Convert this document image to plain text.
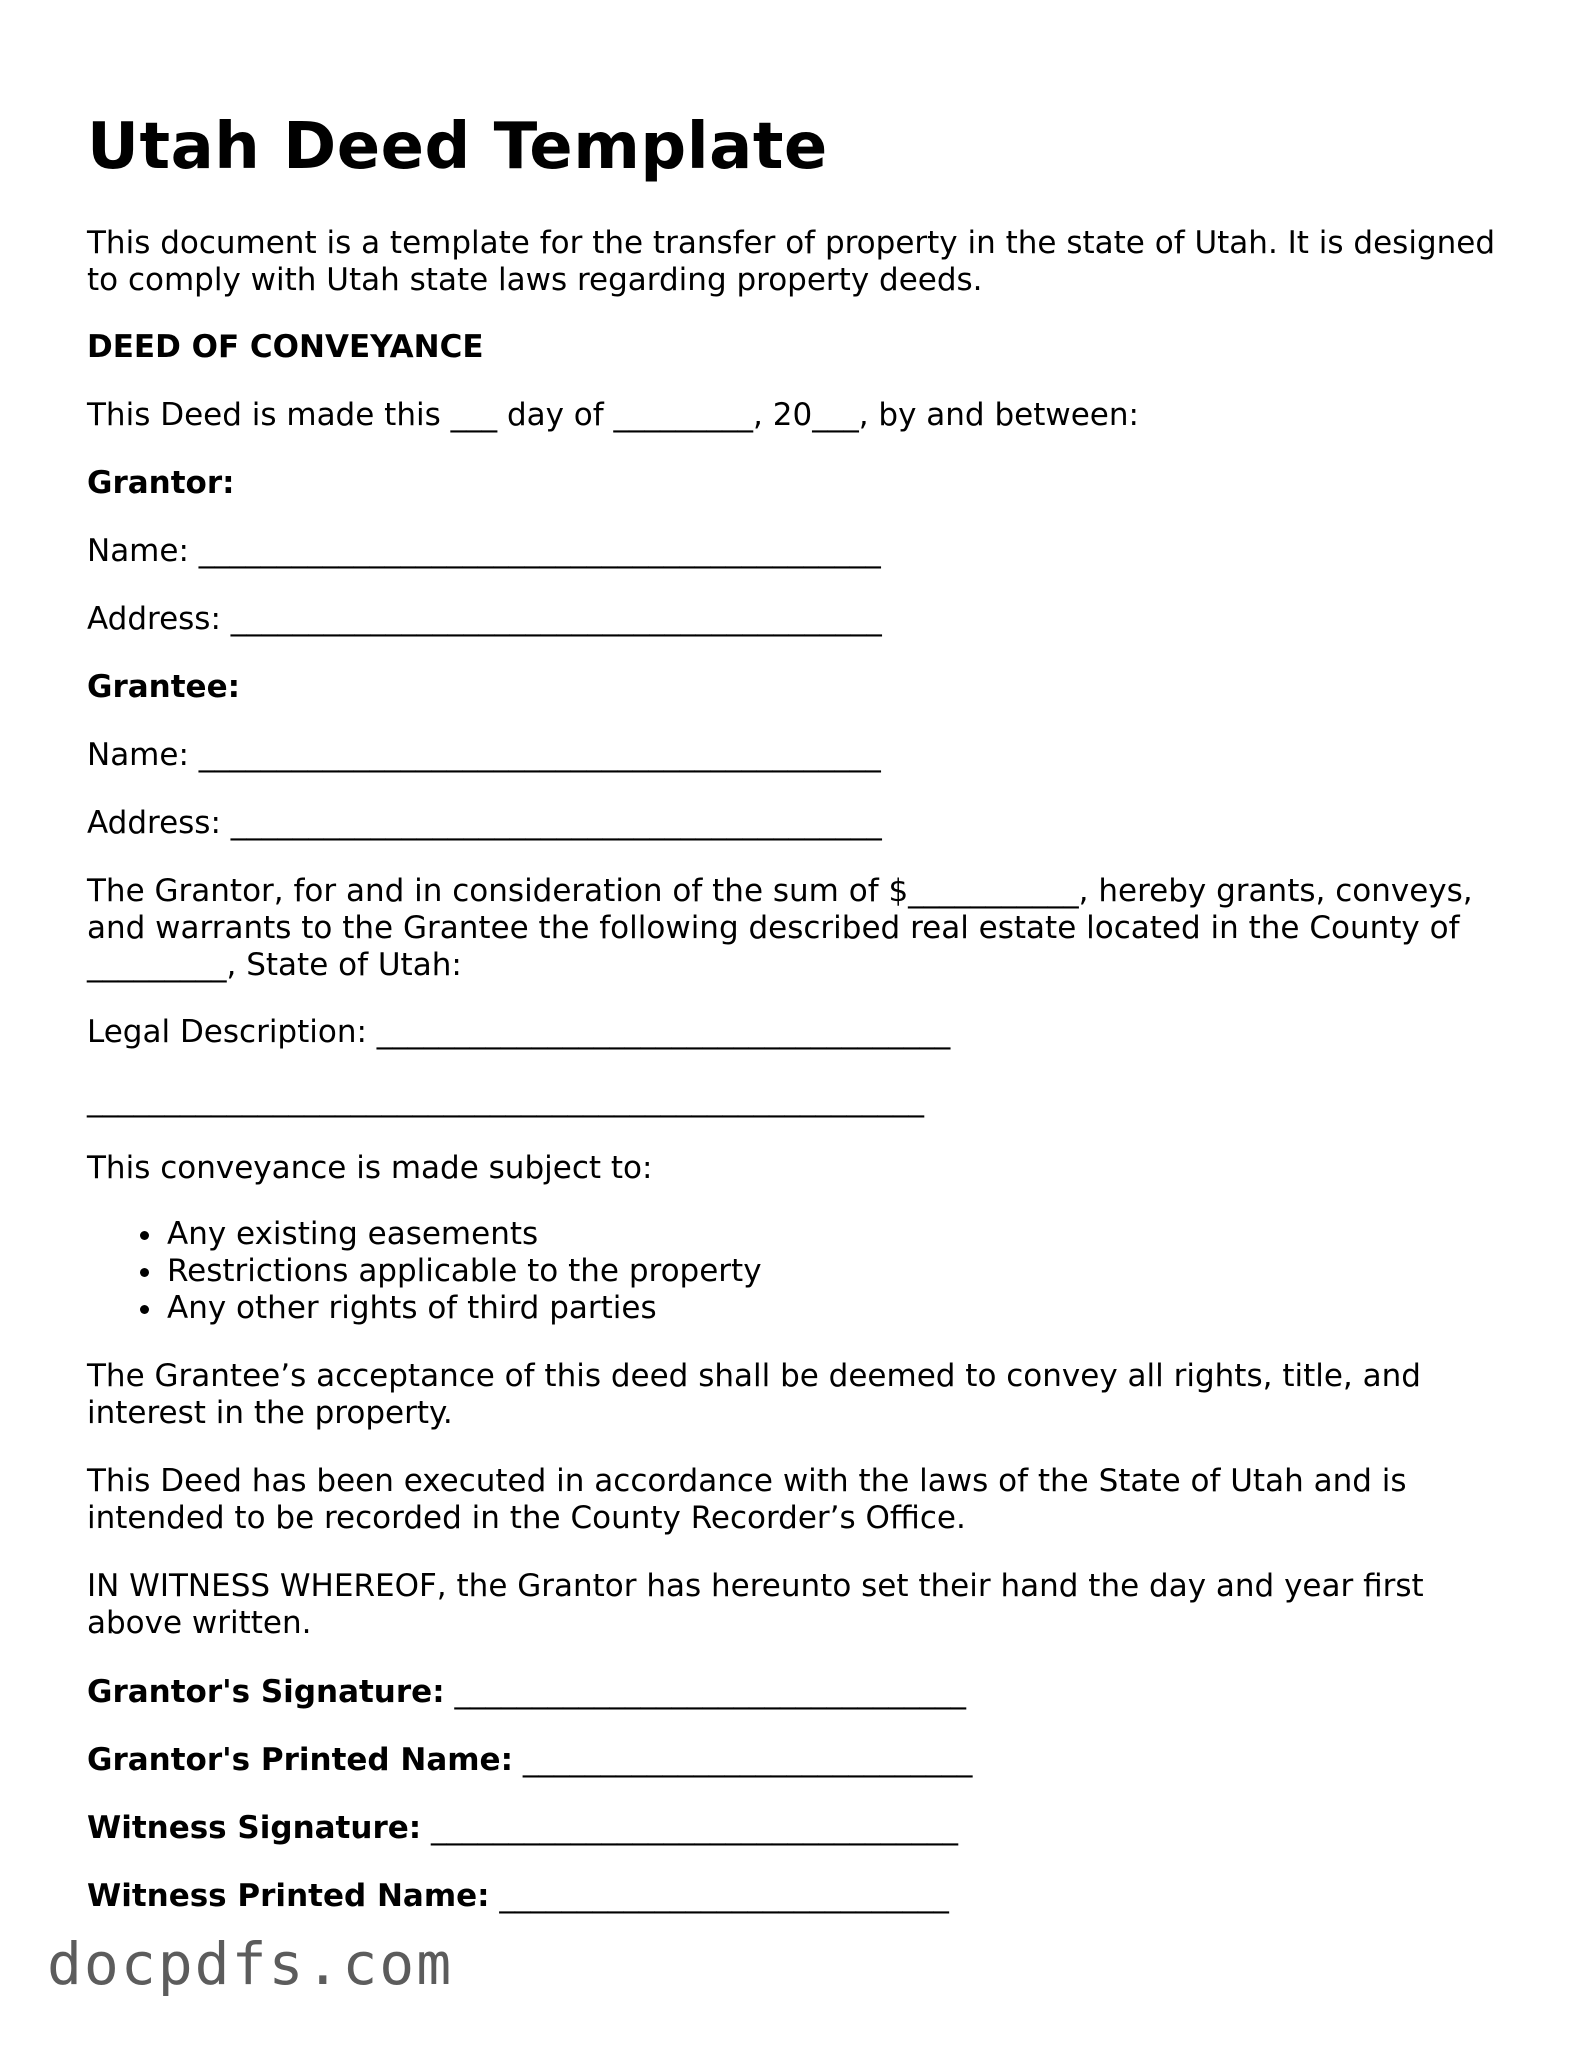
Utah Deed Template

This document is a template for the transfer of property in the state of Utah. It is designed to comply with Utah state laws regarding property deeds.

DEED OF CONVEYANCE

This Deed is made this ___ day of _________, 20___, by and between:

Grantor:

Name: ____________________________________________

Address: __________________________________________

Grantee:

Name: ____________________________________________

Address: __________________________________________

The Grantor, for and in consideration of the sum of $___________, hereby grants, conveys, and warrants to the Grantee the following described real estate located in the County of _________, State of Utah:

Legal Description: _____________________________________

______________________________________________________

This conveyance is made subject to:

• Any existing easements
• Restrictions applicable to the property
• Any other rights of third parties

The Grantee’s acceptance of this deed shall be deemed to convey all rights, title, and interest in the property.

This Deed has been executed in accordance with the laws of the State of Utah and is intended to be recorded in the County Recorder’s Office.

IN WITNESS WHEREOF, the Grantor has hereunto set their hand the day and year first above written.

Grantor's Signature: _________________________________

Grantor's Printed Name: _____________________________

Witness Signature: __________________________________

Witness Printed Name: _____________________________

docpdfs.com
